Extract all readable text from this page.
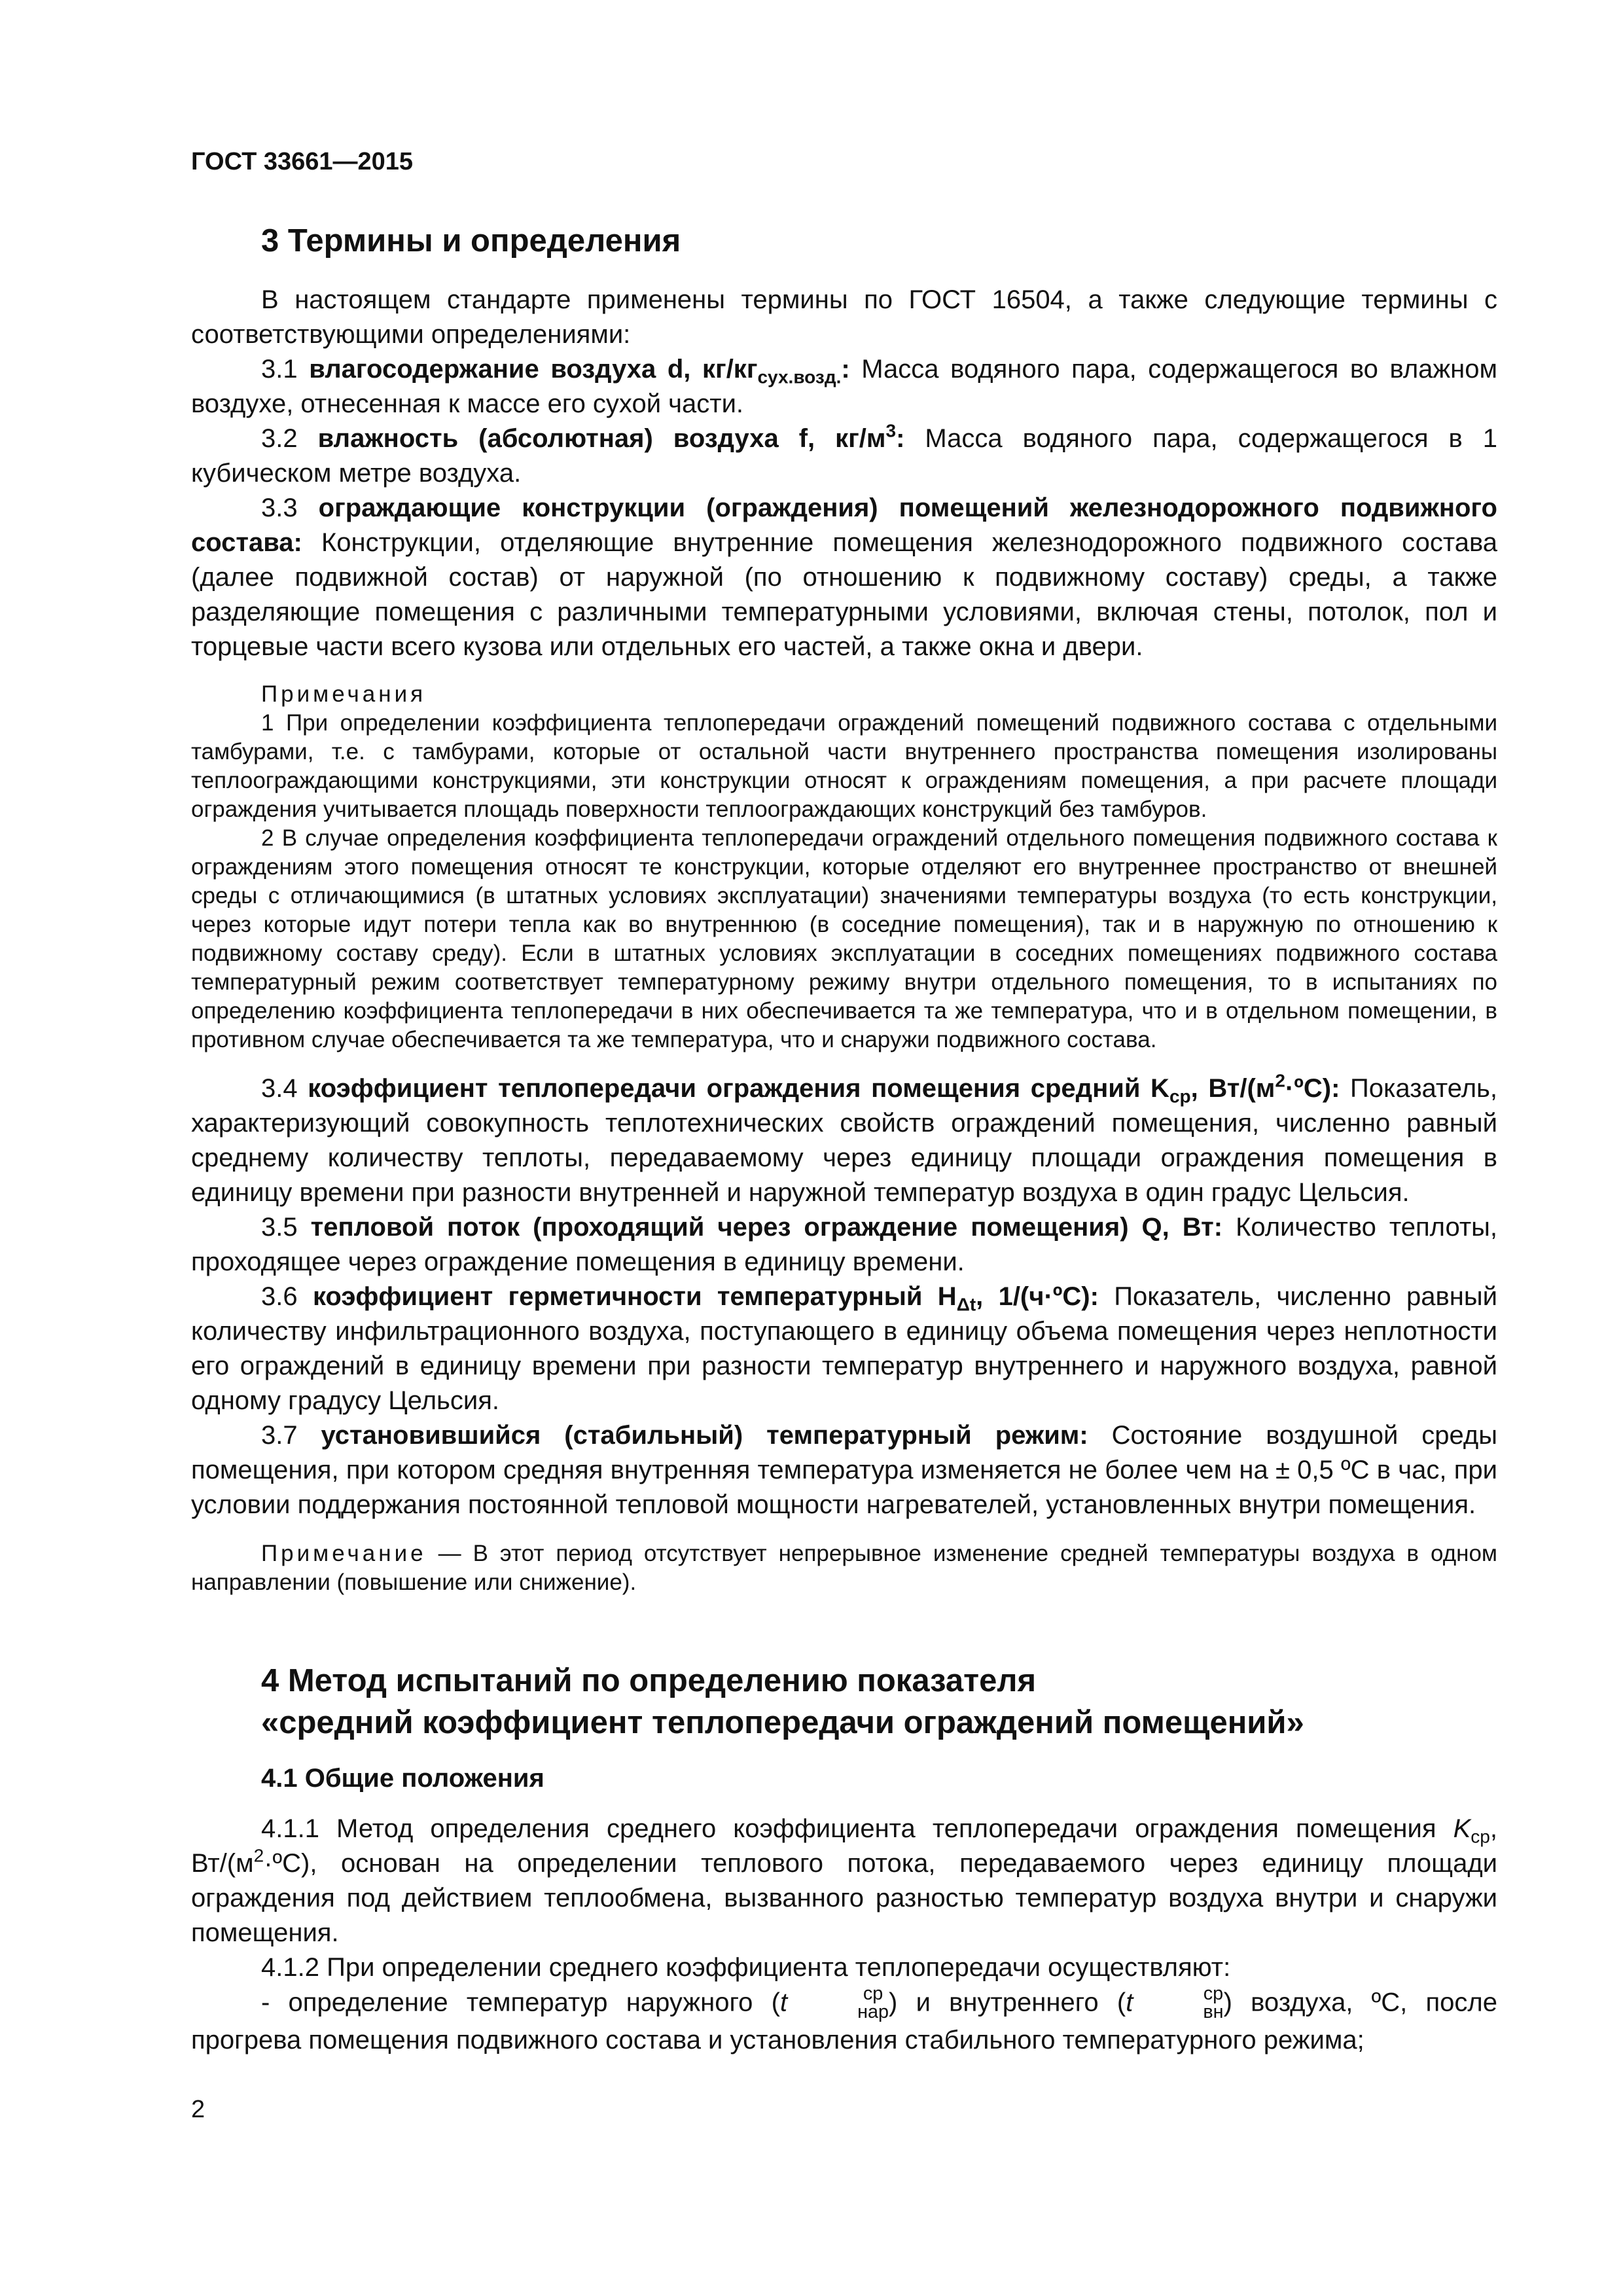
ГОСТ 33661—2015
3 Термины и определения

В настоящем стандарте применены термины по ГОСТ 16504, а также следующие термины с соответствующими определениями:

3.1 влагосодержание воздуха d, $кг/кг_{сух.возд.}$: Масса водяного пара, содержащегося во влажном воздухе, отнесенная к массе его сухой части.

3.2 влажность (абсолютная) воздуха f, $кг/м^3$: Масса водяного пара, содержащегося в 1 кубическом метре воздуха.

3.3 ограждающие конструкции (ограждения) помещений железнодорожного подвижного состава: Конструкции, отделяющие внутренние помещения железнодорожного подвижного состава (далее подвижной состав) от наружной (по отношению к подвижному составу) среды, а также разделяющие помещения с различными температурными условиями, включая стены, потолок, пол и торцевые части всего кузова или отдельных его частей, а также окна и двери.

Примечания

1 При определении коэффициента теплопередачи ограждений помещений подвижного состава с отдельными тамбурами, т.е. с тамбурами, которые от остальной части внутреннего пространства помещения изолированы теплоограждающими конструкциями, эти конструкции относят к ограждениям помещения, а при расчете площади ограждения учитывается площадь поверхности теплоограждающих конструкций без тамбуров.

2 В случае определения коэффициента теплопередачи ограждений отдельного помещения подвижного состава к ограждениям этого помещения относят те конструкции, которые отделяют его внутреннее пространство от внешней среды с отличающимися (в штатных условиях эксплуатации) значениями температуры воздуха (то есть конструкции, через которые идут потери тепла как во внутреннюю (в соседние помещения), так и в наружную по отношению к подвижному составу среду). Если в штатных условиях эксплуатации в соседних помещениях подвижного состава температурный режим соответствует температурному режиму внутри отдельного помещения, то в испытаниях по определению коэффициента теплопередачи в них обеспечивается та же температура, что и в отдельном помещении, в противном случае обеспечивается та же температура, что и снаружи подвижного состава.

3.4 коэффициент теплопередачи ограждения помещения средний $K_{ср}$, $Вт/(м^2\cdot ºС)$: Показатель, характеризующий совокупность теплотехнических свойств ограждений помещения, численно равный среднему количеству теплоты, передаваемому через единицу площади ограждения помещения в единицу времени при разности внутренней и наружной температур воздуха в один градус Цельсия.

3.5 тепловой поток (проходящий через ограждение помещения) Q, Вт: Количество теплоты, проходящее через ограждение помещения в единицу времени.

3.6 коэффициент герметичности температурный $H_{\Delta t}$, 1/(ч·ºС): Показатель, численно равный количеству инфильтрационного воздуха, поступающего в единицу объема помещения через неплотности его ограждений в единицу времени при разности температур внутреннего и наружного воздуха, равной одному градусу Цельсия.

3.7 установившийся (стабильный) температурный режим: Состояние воздушной среды помещения, при котором средняя внутренняя температура изменяется не более чем на ± 0,5 ºС в час, при условии поддержания постоянной тепловой мощности нагревателей, установленных внутри помещения.

Примечание — В этот период отсутствует непрерывное изменение средней температуры воздуха в одном направлении (повышение или снижение).

4 Метод испытаний по определению показателя
«средний коэффициент теплопередачи ограждений помещений»
4.1 Общие положения

4.1.1 Метод определения среднего коэффициента теплопередачи ограждения помещения $K_{ср}$, $Вт/(м^2\cdot ºС)$, основан на определении теплового потока, передаваемого через единицу площади ограждения под действием теплообмена, вызванного разностью температур воздуха внутри и снаружи помещения.

4.1.2 При определении среднего коэффициента теплопередачи осуществляют:

- определение температур наружного (t	ср
нар ) и внутреннего (t	ср
вн ) воздуха, ºС, после прогрева помещения подвижного состава и установления стабильного температурного режима;

2
